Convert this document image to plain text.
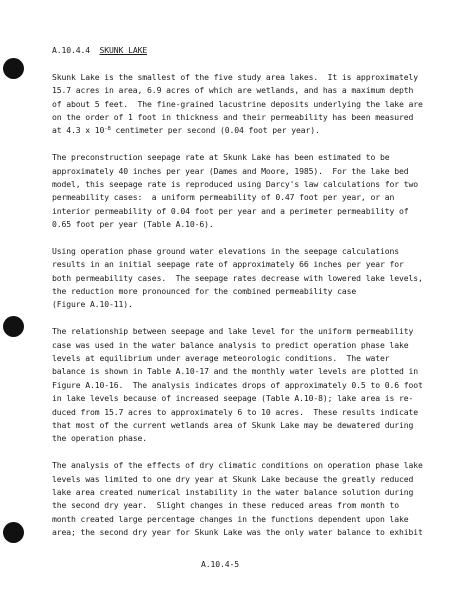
A.10.4.4 SKUNK LAKE
Skunk Lake is the smallest of the five study area lakes.  It is approximately
15.7 acres in area, 6.9 acres of which are wetlands, and has a maximum depth
of about 5 feet.  The fine-grained lacustrine deposits underlying the lake are
on the order of 1 foot in thickness and their permeability has been measured
at 4.3 x $10^{-8}$ centimeter per second (0.04 foot per year).
The preconstruction seepage rate at Skunk Lake has been estimated to be
approximately 40 inches per year (Dames and Moore, 1985).  For the lake bed
model, this seepage rate is reproduced using Darcy's law calculations for two
permeability cases:  a uniform permeability of 0.47 foot per year, or an
interior permeability of 0.04 foot per year and a perimeter permeability of
0.65 foot per year (Table A.10-6).
Using operation phase ground water elevations in the seepage calculations
results in an initial seepage rate of approximately 66 inches per year for
both permeability cases.  The seepage rates decrease with lowered lake levels,
the reduction more pronounced for the combined permeability case
(Figure A.10-11).
The relationship between seepage and lake level for the uniform permeability
case was used in the water balance analysis to predict operation phase lake
levels at equilibrium under average meteorologic conditions.  The water
balance is shown in Table A.10-17 and the monthly water levels are plotted in
Figure A.10-16.  The analysis indicates drops of approximately 0.5 to 0.6 foot
in lake levels because of increased seepage (Table A.10-8); lake area is re-
duced from 15.7 acres to approximately 6 to 10 acres.  These results indicate
that most of the current wetlands area of Skunk Lake may be dewatered during
the operation phase.
The analysis of the effects of dry climatic conditions on operation phase lake
levels was limited to one dry year at Skunk Lake because the greatly reduced
lake area created numerical instability in the water balance solution during
the second dry year.  Slight changes in these reduced areas from month to
month created large percentage changes in the functions dependent upon lake
area; the second dry year for Skunk Lake was the only water balance to exhibit
A.10.4-5
